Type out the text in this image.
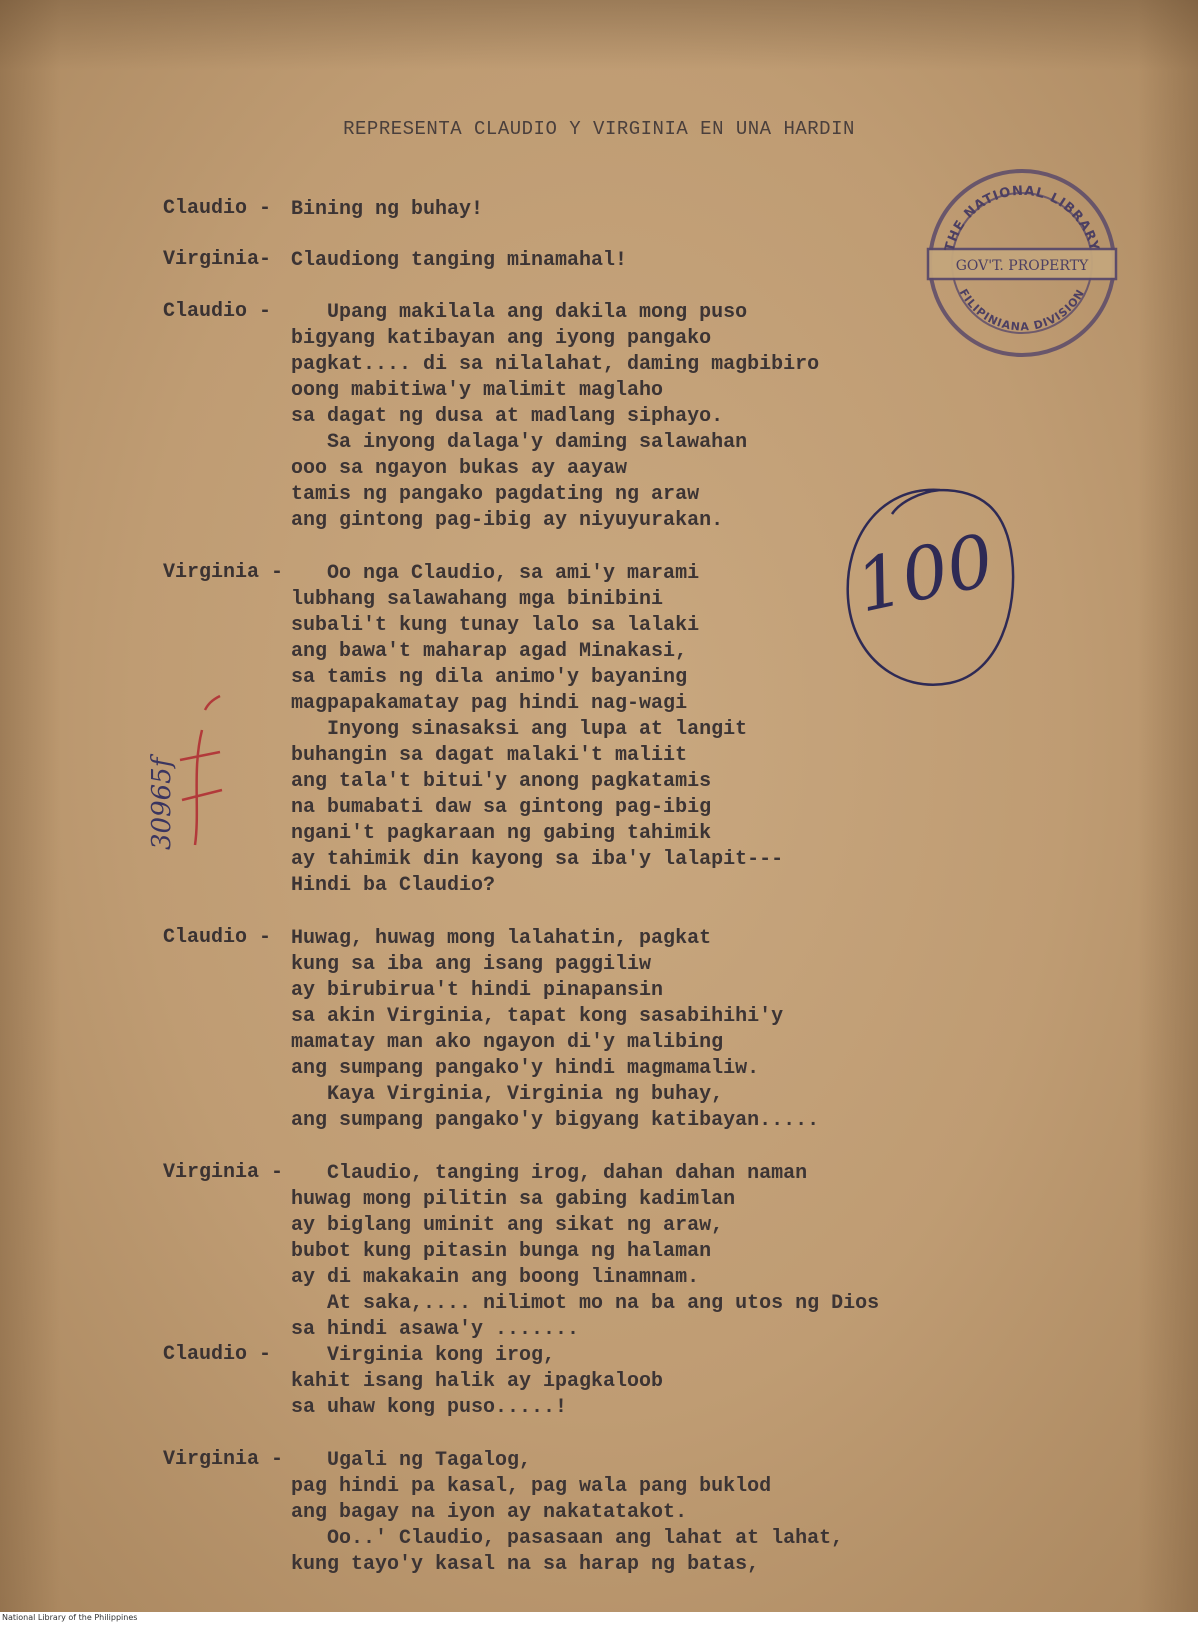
REPRESENTA CLAUDIO Y VIRGINIA EN UNA HARDIN
Claudio - Bining ng buhay!
Virginia- Claudiong tanging minamahal!
Claudio - Upang makilala ang dakila mong puso
bigyang katibayan ang iyong pangako
pagkat.... di sa nilalahat, daming magbibiro
oong mabitiwa'y malimit maglaho
sa dagat ng dusa at madlang siphayo.
Sa inyong dalaga'y daming salawahan
ooo sa ngayon bukas ay aayaw
tamis ng pangako pagdating ng araw
ang gintong pag-ibig ay niyuyurakan.
Virginia - Oo nga Claudio, sa ami'y marami
lubhang salawahang mga binibini
subali't kung tunay lalo sa lalaki
ang bawa't maharap agad Minakasi,
sa tamis ng dila animo'y bayaning
magpapakamatay pag hindi nag-wagi
Inyong sinasaksi ang lupa at langit
buhangin sa dagat malaki't maliit
ang tala't bitui'y anong pagkatamis
na bumabati daw sa gintong pag-ibig
ngani't pagkaraan ng gabing tahimik
ay tahimik din kayong sa iba'y lalapit---
Hindi ba Claudio?
Claudio - Huwag, huwag mong lalahatin, pagkat
kung sa iba ang isang paggiliw
ay birubirua't hindi pinapansin
sa akin Virginia, tapat kong sasabihihi'y
mamatay man ako ngayon di'y malibing
ang sumpang pangako'y hindi magmamaliw.
Kaya Virginia, Virginia ng buhay,
ang sumpang pangako'y bigyang katibayan.....
Virginia - Claudio, tanging irog, dahan dahan naman
huwag mong pilitin sa gabing kadimlan
ay biglang uminit ang sikat ng araw,
bubot kung pitasin bunga ng halaman
ay di makakain ang boong linamnam.
At saka,.... nilimot mo na ba ang utos ng Dios
sa hindi asawa'y .......
Claudio - Virginia kong irog,
kahit isang halik ay ipagkaloob
sa uhaw kong puso.....!
Virginia - Ugali ng Tagalog,
pag hindi pa kasal, pag wala pang buklod
ang bagay na iyon ay nakatatakot.
Oo..' Claudio, pasasaan ang lahat at lahat,
kung tayo'y kasal na sa harap ng batas,
THE NATIONAL LIBRARY
GOV'T. PROPERTY
FILIPINIANA DIVISION
100
30965f
National Library of the Philippines
